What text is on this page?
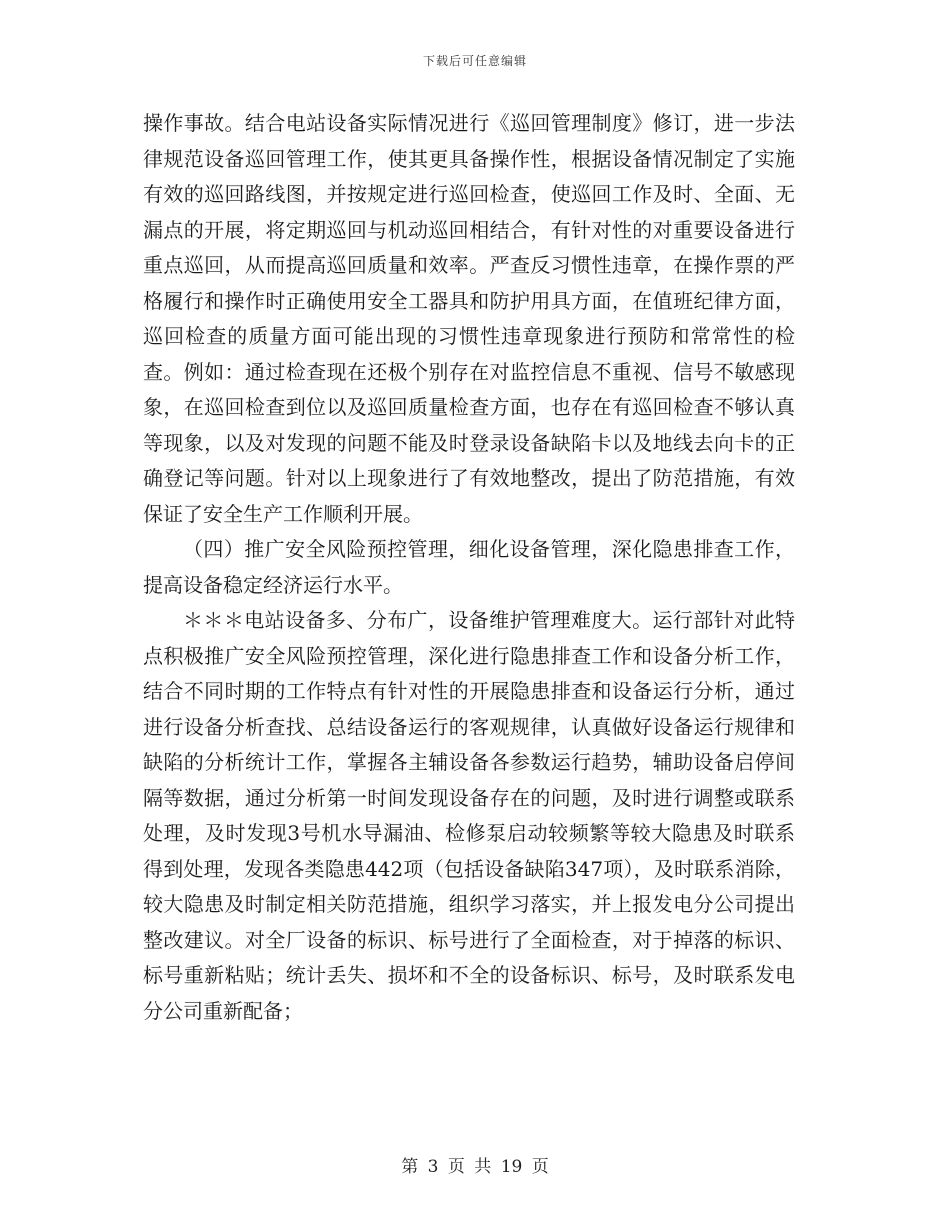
下载后可任意编辑

操作事故。结合电站设备实际情况进行《巡回管理制度》修订，进一步法律规范设备巡回管理工作，使其更具备操作性，根据设备情况制定了实施有效的巡回路线图，并按规定进行巡回检查，使巡回工作及时、全面、无漏点的开展，将定期巡回与机动巡回相结合，有针对性的对重要设备进行重点巡回，从而提高巡回质量和效率。严查反习惯性违章，在操作票的严格履行和操作时正确使用安全工器具和防护用具方面，在值班纪律方面，巡回检查的质量方面可能出现的习惯性违章现象进行预防和常常性的检查。例如：通过检查现在还极个别存在对监控信息不重视、信号不敏感现象，在巡回检查到位以及巡回质量检查方面，也存在有巡回检查不够认真等现象，以及对发现的问题不能及时登录设备缺陷卡以及地线去向卡的正确登记等问题。针对以上现象进行了有效地整改，提出了防范措施，有效保证了安全生产工作顺利开展。

（四）推广安全风险预控管理，细化设备管理，深化隐患排查工作，提高设备稳定经济运行水平。

＊＊＊电站设备多、分布广，设备维护管理难度大。运行部针对此特点积极推广安全风险预控管理，深化进行隐患排查工作和设备分析工作，结合不同时期的工作特点有针对性的开展隐患排查和设备运行分析，通过进行设备分析查找、总结设备运行的客观规律，认真做好设备运行规律和缺陷的分析统计工作，掌握各主辅设备各参数运行趋势，辅助设备启停间隔等数据，通过分析第一时间发现设备存在的问题，及时进行调整或联系处理，及时发现3号机水导漏油、检修泵启动较频繁等较大隐患及时联系得到处理，发现各类隐患442项（包括设备缺陷347项），及时联系消除，较大隐患及时制定相关防范措施，组织学习落实，并上报发电分公司提出整改建议。对全厂设备的标识、标号进行了全面检查，对于掉落的标识、标号重新粘贴；统计丢失、损坏和不全的设备标识、标号，及时联系发电分公司重新配备；

第 3 页 共 19 页
